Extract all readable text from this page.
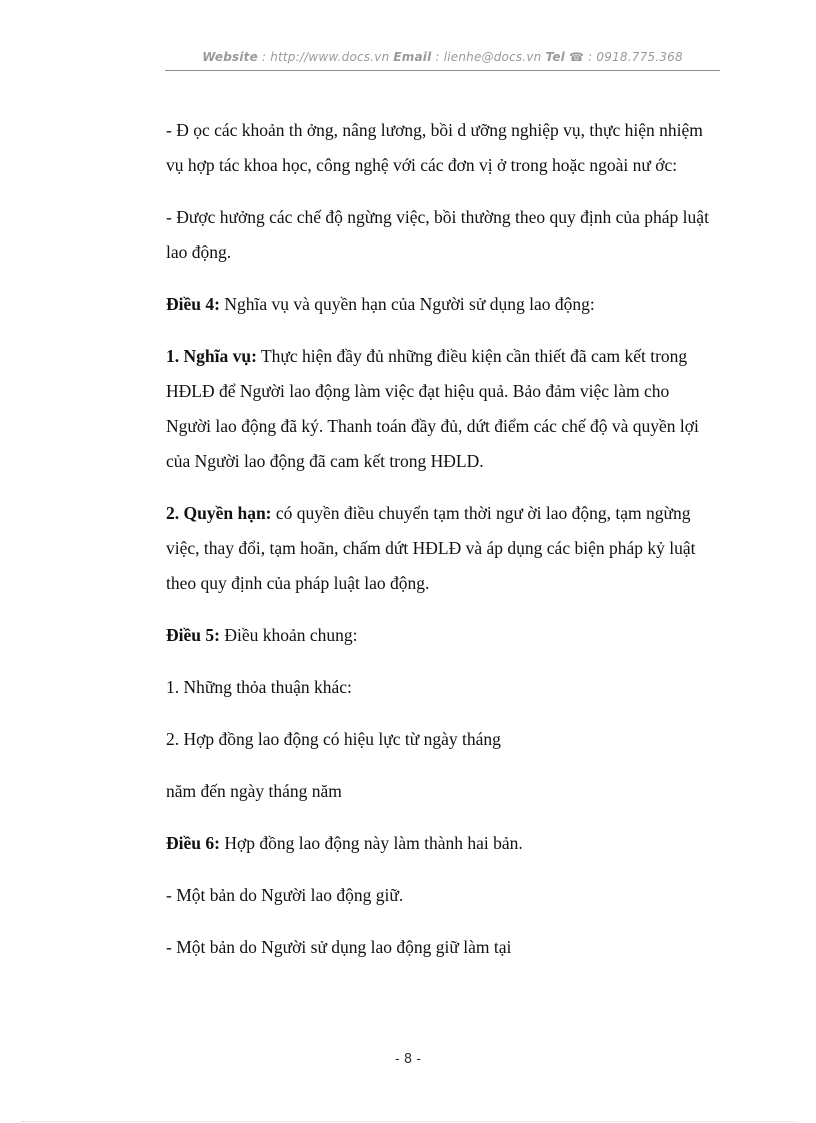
Website : http://www.docs.vn Email : lienhe@docs.vn Tel ☎ : 0918.775.368

- Đ ọc các khoản th ởng, nâng lương, bồi d ưỡng nghiệp vụ, thực hiện nhiệm vụ hợp tác khoa học, công nghệ với các đơn vị ở trong hoặc ngoài nư ớc:

- Được hưởng các chế độ ngừng việc, bồi thường theo quy định của pháp luật lao động.

Điều 4: Nghĩa vụ và quyền hạn của Người sử dụng lao động:

1. Nghĩa vụ: Thực hiện đầy đủ những điều kiện cần thiết đã cam kết trong HĐLĐ để Người lao động làm việc đạt hiệu quả. Bảo đảm việc làm cho Người lao động đã ký. Thanh toán đầy đủ, dứt điểm các chế độ và quyền lợi của Người lao động đã cam kết trong HĐLD.

2. Quyền hạn: có quyền điều chuyển tạm thời ngư ời lao động, tạm ngừng việc, thay đổi, tạm hoãn, chấm dứt HĐLĐ và áp dụng các biện pháp kỷ luật theo quy định của pháp luật lao động.

Điều 5: Điều khoản chung:

1. Những thỏa thuận khác:

2. Hợp đồng lao động có hiệu lực từ ngày tháng

năm đến ngày tháng năm

Điều 6: Hợp đồng lao động này làm thành hai bản.

- Một bản do Người lao động giữ.

- Một bản do Người sử dụng lao động giữ làm tại

- 8 -
